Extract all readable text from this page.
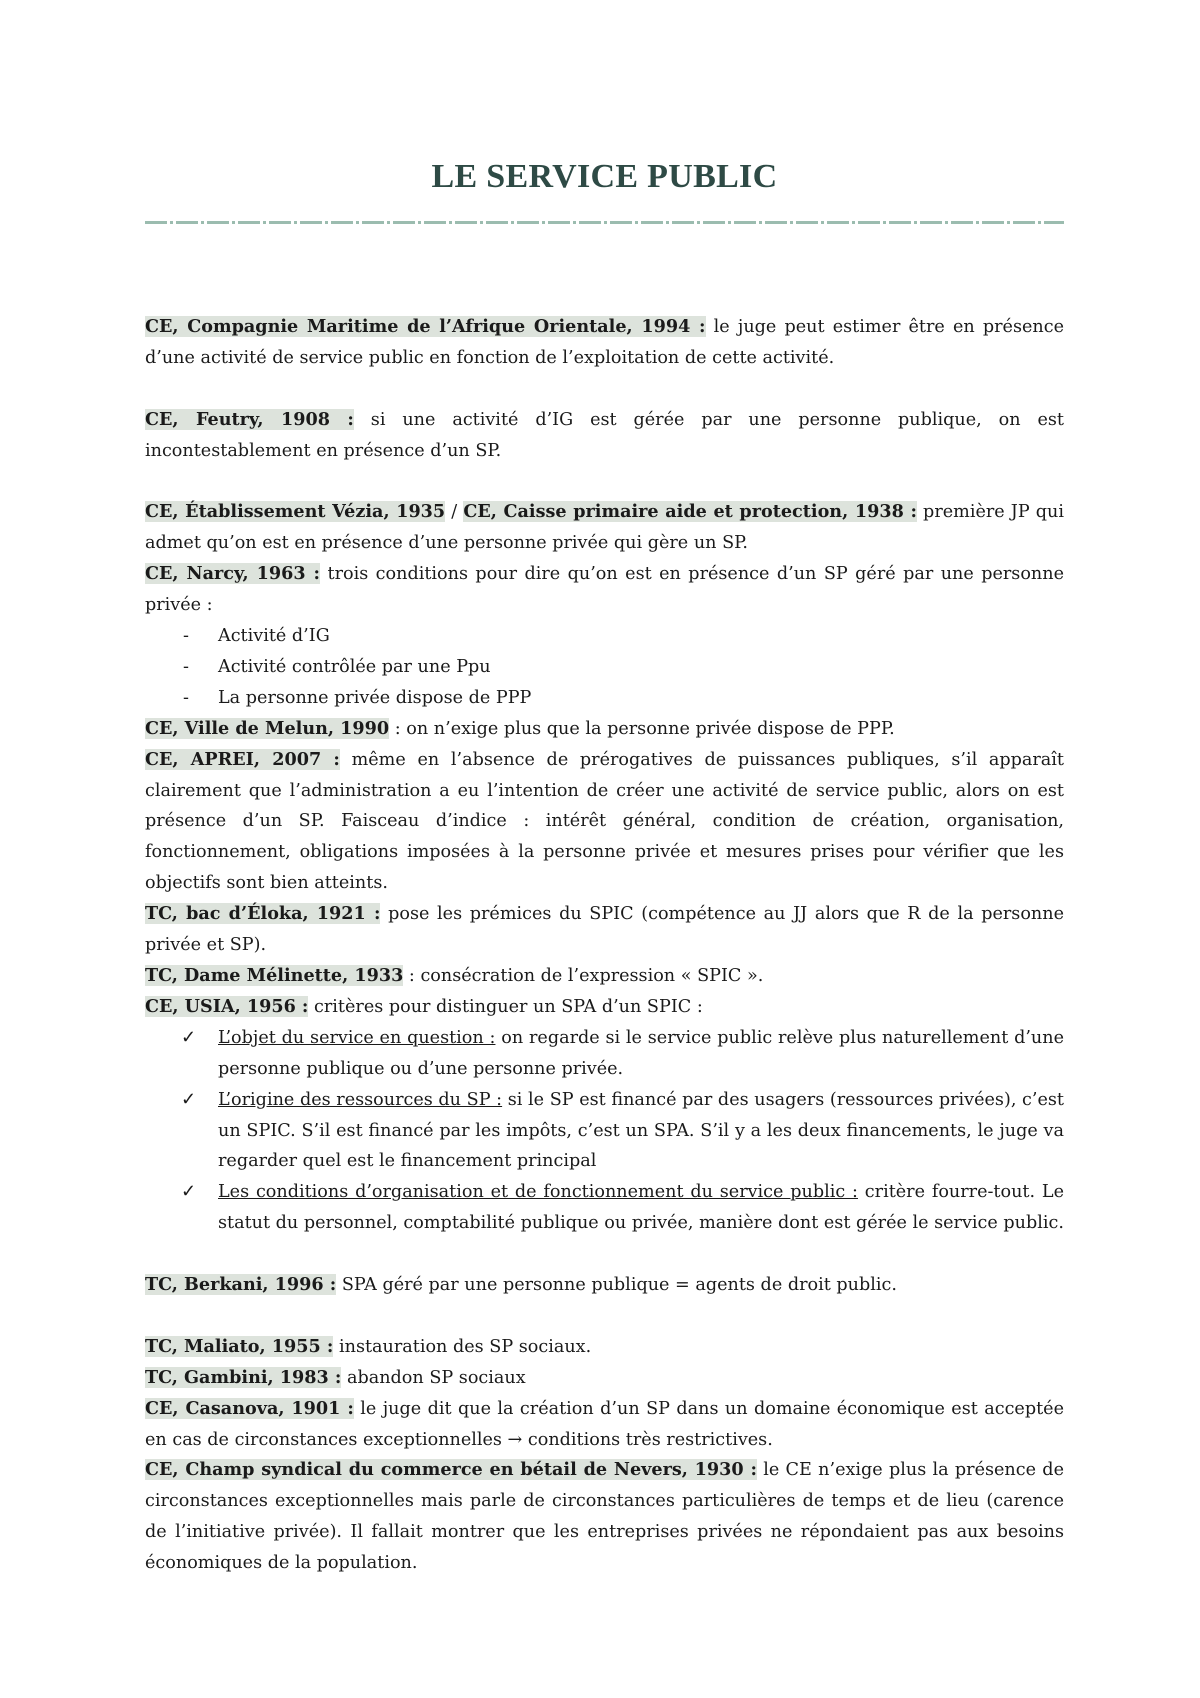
LE SERVICE PUBLIC

CE, Compagnie Maritime de l’Afrique Orientale, 1994 : le juge peut estimer être en présence d’une activité de service public en fonction de l’exploitation de cette activité.

CE, Feutry, 1908 : si une activité d’IG est gérée par une personne publique, on est incontestablement en présence d’un SP.

CE, Établissement Vézia, 1935 / CE, Caisse primaire aide et protection, 1938 : première JP qui admet qu’on est en présence d’une personne privée qui gère un SP.

CE, Narcy, 1963 : trois conditions pour dire qu’on est en présence d’un SP géré par une personne privée :

- Activité d’IG
- Activité contrôlée par une Ppu
- La personne privée dispose de PPP

CE, Ville de Melun, 1990 : on n’exige plus que la personne privée dispose de PPP.

CE, APREI, 2007 : même en l’absence de prérogatives de puissances publiques, s’il apparaît clairement que l’administration a eu l’intention de créer une activité de service public, alors on est présence d’un SP. Faisceau d’indice : intérêt général, condition de création, organisation, fonctionnement, obligations imposées à la personne privée et mesures prises pour vérifier que les objectifs sont bien atteints.

TC, bac d’Éloka, 1921 : pose les prémices du SPIC (compétence au JJ alors que R de la personne privée et SP).

TC, Dame Mélinette, 1933 : consécration de l’expression « SPIC ».

CE, USIA, 1956 : critères pour distinguer un SPA d’un SPIC :

✓ L’objet du service en question : on regarde si le service public relève plus naturellement d’une personne publique ou d’une personne privée.
✓ L’origine des ressources du SP : si le SP est financé par des usagers (ressources privées), c’est un SPIC. S’il est financé par les impôts, c’est un SPA. S’il y a les deux financements, le juge va regarder quel est le financement principal
✓ Les conditions d’organisation et de fonctionnement du service public : critère fourre-tout. Le statut du personnel, comptabilité publique ou privée, manière dont est gérée le service public.

TC, Berkani, 1996 : SPA géré par une personne publique = agents de droit public.

TC, Maliato, 1955 : instauration des SP sociaux.

TC, Gambini, 1983 : abandon SP sociaux

CE, Casanova, 1901 : le juge dit que la création d’un SP dans un domaine économique est acceptée en cas de circonstances exceptionnelles → conditions très restrictives.

CE, Champ syndical du commerce en bétail de Nevers, 1930 : le CE n’exige plus la présence de circonstances exceptionnelles mais parle de circonstances particulières de temps et de lieu (carence de l’initiative privée). Il fallait montrer que les entreprises privées ne répondaient pas aux besoins économiques de la population.
